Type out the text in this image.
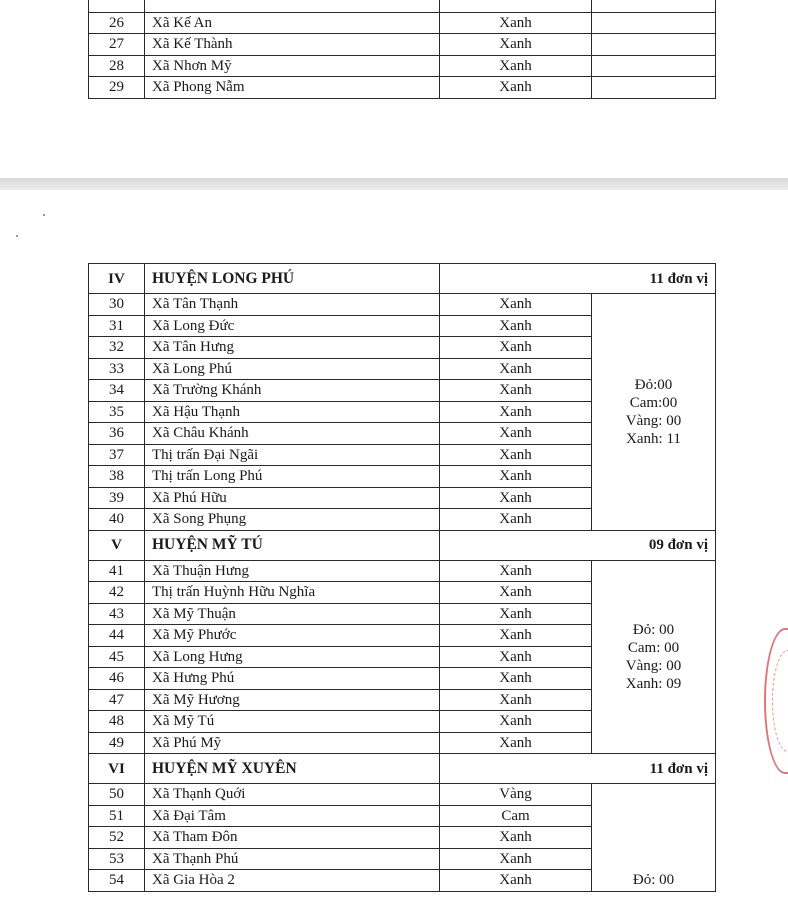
26	Xã Kế An	Xanh	
27	Xã Kế Thành	Xanh	
28	Xã Nhơn Mỹ	Xanh	
29	Xã Phong Nẫm	Xanh	
IV	HUYỆN LONG PHÚ	11 đơn vị	
30	Xã Tân Thạnh	Xanh	Đỏ:00
Cam:00
Vàng: 00
Xanh: 11

31	Xã Long Đức	Xanh	
32	Xã Tân Hưng	Xanh	
33	Xã Long Phú	Xanh	
34	Xã Trường Khánh	Xanh	
35	Xã Hậu Thạnh	Xanh	
36	Xã Châu Khánh	Xanh	
37	Thị trấn Đại Ngãi	Xanh	
38	Thị trấn Long Phú	Xanh	
39	Xã Phú Hữu	Xanh	
40	Xã Song Phụng	Xanh	
V	HUYỆN MỸ TÚ	09 đơn vị	
41	Xã Thuận Hưng	Xanh	Đỏ: 00
Cam: 00
Vàng: 00
Xanh: 09

42	Thị trấn Huỳnh Hữu Nghĩa	Xanh	
43	Xã Mỹ Thuận	Xanh	
44	Xã Mỹ Phước	Xanh	
45	Xã Long Hưng	Xanh	
46	Xã Hưng Phú	Xanh	
47	Xã Mỹ Hương	Xanh	
48	Xã Mỹ Tú	Xanh	
49	Xã Phú Mỹ	Xanh	
VI	HUYỆN MỸ XUYÊN	11 đơn vị	
50	Xã Thạnh Quới	Vàng	Đỏ: 00

51	Xã Đại Tâm	Cam	
52	Xã Tham Đôn	Xanh	
53	Xã Thạnh Phú	Xanh	
54	Xã Gia Hòa 2	Xanh	
